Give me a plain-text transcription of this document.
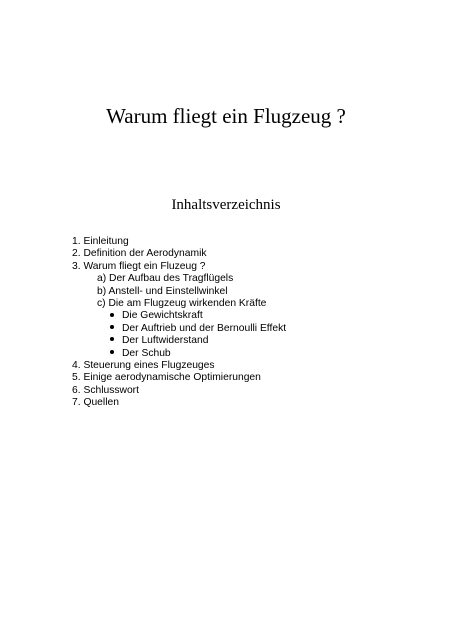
Warum fliegt ein Flugzeug ?
Inhaltsverzeichnis
1. Einleitung
2. Definition der Aerodynamik
3. Warum fliegt ein Fluzeug ?
a) Der Aufbau des Tragflügels
b) Anstell- und Einstellwinkel
c) Die am Flugzeug wirkenden Kräfte
Die Gewichtskraft
Der Auftrieb und der Bernoulli Effekt
Der Luftwiderstand
Der Schub
4. Steuerung eines Flugzeuges
5. Einige aerodynamische Optimierungen
6. Schlusswort
7. Quellen
